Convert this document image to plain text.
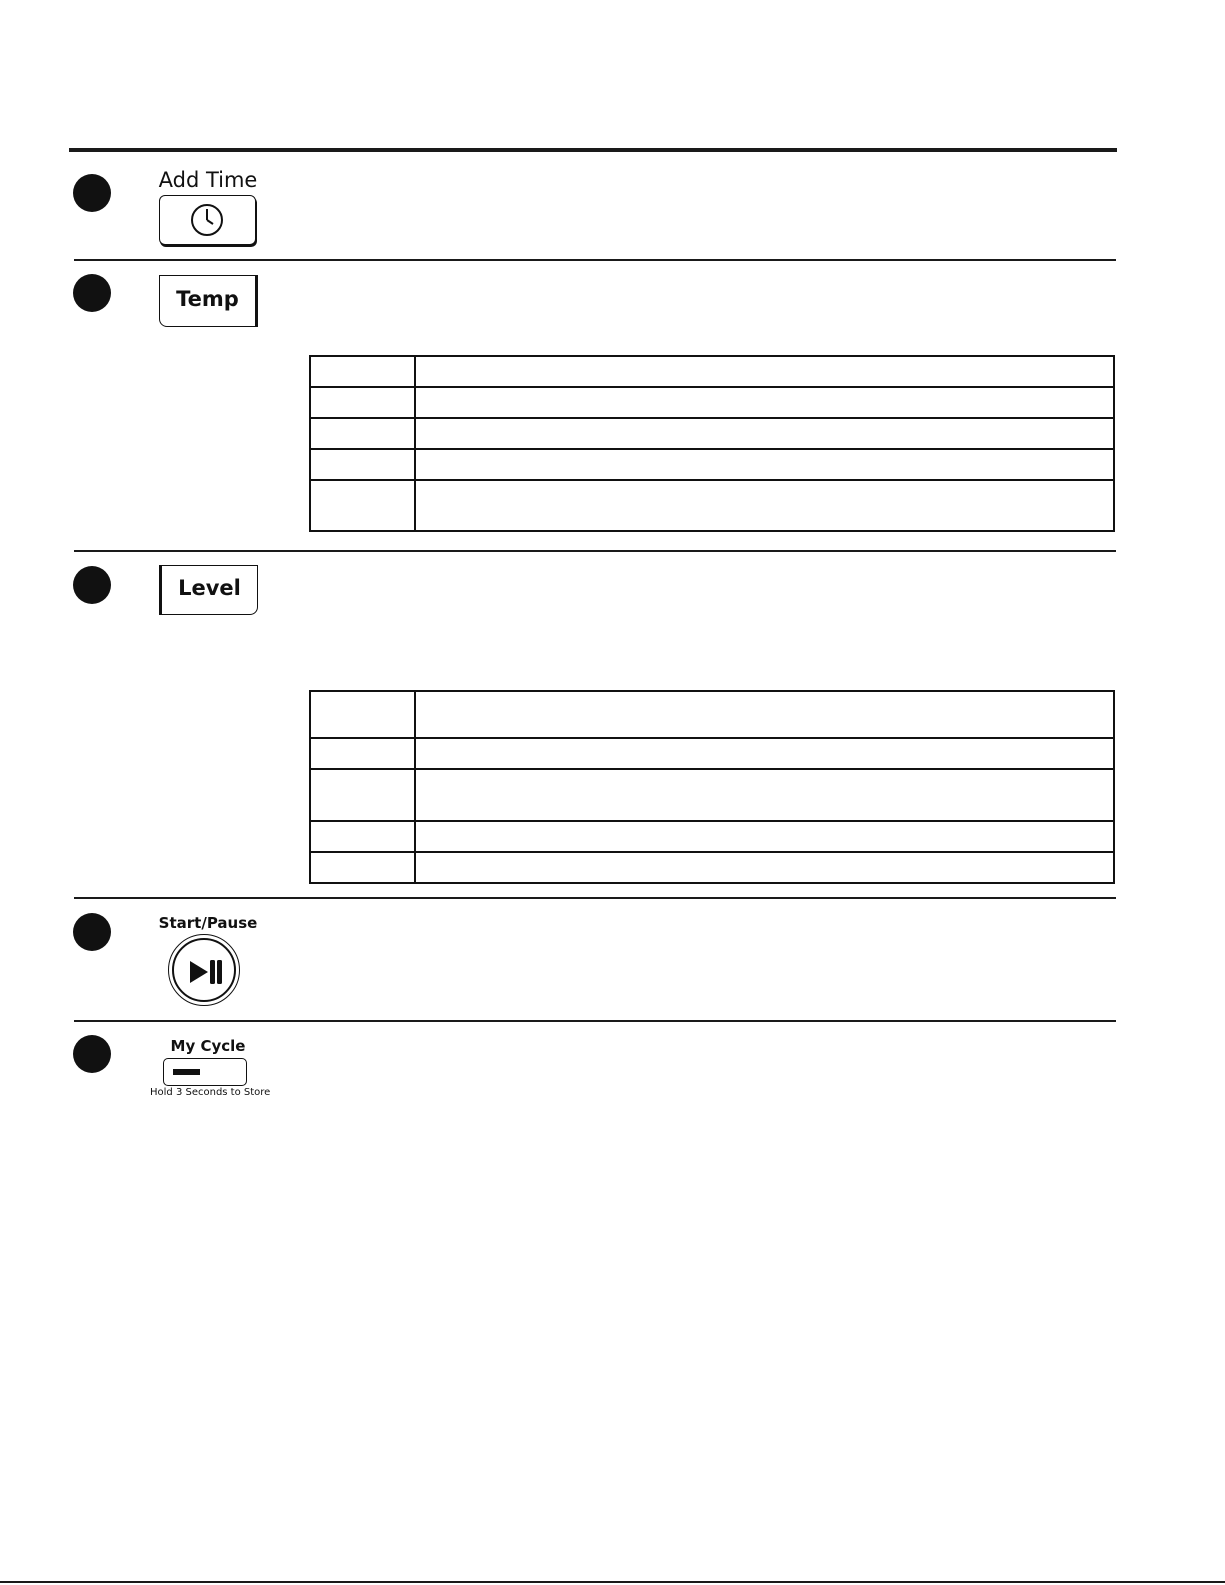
Add Time
Temp

Level

Start/Pause
My Cycle
Hold 3 Seconds to Store
